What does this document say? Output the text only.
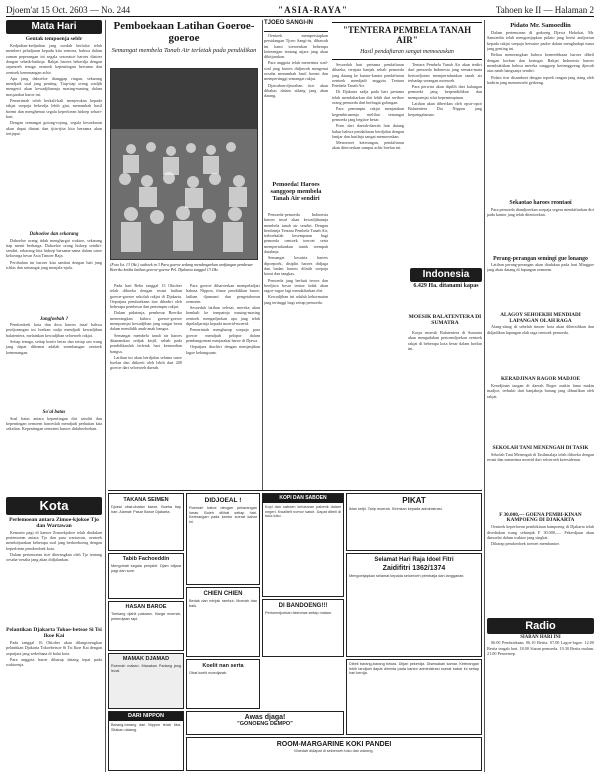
Djoem'at 15 Oct. 2603 — No. 244	"ASIA-RAYA"	Tahoen ke II — Halaman 2
Mata Hari
Gentak tempoenja seblr

Kedjadian-kedjadian jang soedah berlaloe telah memberi peladjaran kepada kita semoea, bahwa dalam zaman peperangan ini segala sesoeatoe haroes diatoer dengan sebaik-baiknja. Rakjat haroes bekerdja dengan sepenoeh tenaga oentoek kepentingan bersama dan oentoek kemenangan achir.

Apa jang dahoeloe dianggap ringan, sekarang mendjadi soal jang penting. Tiap-tiap orang wadjib mengerti akan kewadjibannja masing-masing dalam masjarakat baroe ini.

Pemerintah telah berkali-kali menjerukan kepada rakjat soepaja bekerdja lebih giat, menambah hasil boemi dan menghemat segala keperloean hidoep sehari-hari.

Dengan semangat gotong-rojong, segala kesoekaran akan dapat diatasi dan tjita-tjita kita bersama akan tertjapai.

Dahoeloe dan sekarang

Dahoeloe orang tidak menghargai waktoe, sekarang tiap menit berharga. Dahoeloe orang hidoep sendiri-sendiri, sekarang kita hidoep bersama-sama dalam satoe keloearga besar Asia Timoer Raja.

Perobahan ini haroes kita sambut dengan hati jang ichlas dan semangat jang menjala-njala.

Jangfoebah ?

Pendoedoek kota dan desa haroes insaf bahwa perdjoeangan ini boekan sadja mendjadi kewadjiban balatentera, melainkan kewadjiban seloeroeh rakjat.

Setiap tenaga, setiap boetir beras dan setiap sen wang jang dapat dihemat adalah soembangan oentoek kemenangan.

So'al batas

Soal batas antara kepentingan diri sendiri dan kepentingan oemoem haroeslah mendjadi perhatian kita sekalian. Kepentingan oemoem haroes didahoeloekan.

Kota
Perlemoean antara Zimoe-kjokoe Tjo dan Wartawan

Kemarin pagi di kantor Zimoekjokoe telah diadakan pertemoean antara Tjo dan para wartawan, oentoek membitjarakan beberapa soal jang berhoeboeng dengan keperloean pendoedoek kota.

Dalam pertemoean itoe diterangkan oleh Tjo tentang oesaha-oesaha jang akan didjalankan.

Pelantikan Djakarta Tokoe-betsoe Si Tsi Ikoe Kai

Pada tanggal 16 Oktober akan dilangsoengkan pelantikan Djakarta Tokoebetsoe Si Tsi Ikoe Kai dengan oepatjara jang sederhana di balai kota.

Para anggota baroe diharap datang tepat pada waktoenja.

Pemboekaan Latihan Goeroe-goeroe
Semangat membela Tanah Air terletak pada pendidikan
(Foto Ist. 13 Okt.) outhoek tn 3 Para goeroe sedang mendengarkan wedjangan pembesar Boeriko ketika latihan goeroe-goeroe Pel. Djakarta tanggal 13 Okt.

Pada hari Rebo tanggal 13 Oktober telah diboeka dengan resmi latihan goeroe-goeroe sekolah rakjat di Djakarta. Oepatjara pemboekaan itoe dihadiri oleh beberapa pembesar dan pemimpin rakjat.

Dalam pidatonja, pembesar Boeriko menerangkan bahwa goeroe-goeroe mempoenjai kewadjiban jang sangat berat dalam mendidik anak-anak bangsa.

Semangat membela tanah air haroes ditanamkan sedjak ketjil, sebab pada pendidikanlah terletak hari kemoedian bangsa.

Latihan ini akan berdjalan selama satoe boelan dan diikoeti oleh lebih dari 200 goeroe dari seloeroeh daerah.

Para goeroe diharoeskan mempeladjari bahasa Nippon, ilmoe pendidikan baroe, latihan djasmani dan pengetahoean oemoem.

Sesoedah latihan selesai, mereka akan kembali ke tempatnja masing-masing oentoek mengadjarkan apa jang telah dipeladjarinja kepada moerid-moerid.

Pemerintah mengharap soepaja para goeroe mendjadi pelopor dalam pembangoenan masjarakat baroe di Djawa.

Oepatjara diachiri dengan menjanjikan lagoe kebangsaan.

TJOEO SANGI-IN

Oentoek mempersiapkan persidangan Tjoeo Sangi-in, dibawah ini kami toeroenkan beberapa keterangan tentang atjara jang akan dibitjarakan.

Para anggota telah menerima soal-soal jang haroes didjawab mengenai oesaha menambah hasil boemi dan mempertinggi semangat rakjat.

Djawaban-djawaban itoe akan dibahas dalam sidang jang akan datang.

Pemoeda! Haroes sanggoep membela Tanah Air sendiri

Pemoeda-pemoeda Indonesia haroes insaf akan kewadjibannja membela tanah air sendiri. Dengan berdirinja Tentara Pembela Tanah Air, terboekalah kesempatan bagi pemoeda oentoek toeroet serta mempertahankan tanah toempah darahnja.

Semangat kesatria haroes dipoepoek, disiplin haroes didjaga dan badan haroes dilatih soepaja koeat dan tangkas.

Pemoeda jang berhati teroes dan berdjiwa besar tentoe tidak akan ragoe-ragoe lagi mendaftarkan diri.

Kewadjiban ini adalah kehormatan jang tertinggi bagi setiap pemoeda.

"TENTERA PEMBELA TANAH AIR"
Hasil pendaftaran sangat memoeaskan

Sesoedah hari pertama pendaftaran dibaeka, ternjata banjak sekali pemoeda jang datang ke kantor-kantor pendaftaran oentoek mendjadi anggota Tentara Pembela Tanah Air.

Di Djakarta sadja pada hari pertama telah mendaftarkan diri lebih dari seriboe orang pemoeda dari berbagai golongan.

Para pemimpin rakjat menjatakan kegembiraannja melihat semangat pemoeda jang begitoe besar.

Poen dari daerah-daerah lain datang kabar bahwa pendaftaran berdjalan dengan lantjar dan hasilnja sangat memoeaskan.

Menoeroet keterangan, pendaftaran akan diteroeskan sampai achir boelan ini.

Tentara Pembela Tanah Air akan terdiri dari pemoeda Indonesia jang semata-mata bertoedjoean mempertahankan tanah air terhadap serangan moesoeh.

Para perwira akan dipilih dari kalangan pemoeda jang berpendidikan dan mempoenjai sifat kepemimpinan.

Latihan akan diberikan oleh opsir-opsir Balatentera Dai Nippon jang berpengalaman.

MOESIK BALATENTERA DI SUMATRA

Korps moesik Balatentera di Sumatra akan mengadakan pertoendjoekan oentoek rakjat di beberapa kota besar dalam boelan ini.

Indonesia
6.429 Ha. ditanami kapas
Pidato Mr. Samoedlin

Dalam pertemoean di gedoeng Djawa Hokokai, Mr. Samoedin telah mengoetjapkan pidato jang berisi andjoeran kepada rakjat soepaja bersatoe padoe dalam menghadapi masa jang genting ini.

Beliau menerangkan bahwa kemerdekaan haroes dibeli dengan korban dan keringat. Rakjat Indonesia haroes membuktikan bahwa mereka sanggoep bertanggoeng djawab atas nasib bangsanja sendiri.

Pidato itoe disamboet dengan tepoek tangan jang riang oleh hadirin jang memenoehi gedoeng.

Sekaotao haroes reontaoi

Para pemoeda diandjoerkan soepaja segera mendaftarkan diri pada kantor jang telah ditentoekan.

Perang-perangan semingi gue lonango

Latihan perang-perangan akan diadakan pada hari Minggoe jang akan datang di lapangan oemoem.

ALAGOY SEHOEKIH MENDIADI LAPANGAN OLAH RAGA

Alang-alang di sebelah timoer kota akan dibersihkan dan didjadikan lapangan olah raga oentoek pemoeda.

KERADJINAN RAGOR MADJOE

Keradjinan tangan di daerah Bogor makin lama makin madjoe, terbukti dari banjaknja barang jang dihasilkan oleh rakjat.

SEKOLAH TANI MENENGAH DI TASIK

Sekolah Tani Menengah di Tasikmalaja telah diboeka dengan resmi dan menerima moerid dari seloeroeh keresidenan.

F 30.000,— GOENA PEMBI-KINAN KAMPOENG DI DJAKARTA

Oentoek keperloean pembikinan kampoeng di Djakarta telah disediakan wang sebanjak F 30.000,—. Pekerdjaan akan dimoelai dalam waktoe jang singkat.

Diharap pendoedoek toeroet membantoe.

Radio
SIARAN HARI INI

06.00 Pemboekaan. 06.10 Berita. 07.00 Lagoe-lagoe. 12.00 Berita tengah hari. 18.00 Siaran pemoeda. 19.30 Berita malam. 21.00 Penoetoep.

TAKANA SEIMEN
Djoeal obat-obatan baroe. Boeka tiap hari. Alamat: Pasar Baroe Djakarta.
Tabib Fachoeddin
Mengobati segala penjakit. Djam bitjara pagi dan sore.
HASAN BAROE
Toekang djahit pakaian. Harga moerah, pekerdjaan rapi.
MAMAK DJAMAD
Roemah makan. Masakan Padang jang lezat.
DARI NIPPON
Barang-barang dari Nippon telah tiba. Silakan datang.
DIDJOEAL !
Roemah batoe dengan pekarangan loeas. Boleh dilihat setiap hari. Keterangan pada kantor soerat kabar ini.
CHIEN CHIEN
Bedak dan minjak rambut. Moerah dan baik.
Koelit nan serta
Obat koelit moedjarab.
KOPI DAN SABOEN
Kopi dan saboen keloearan paberik dalam negeri. Kwaliteit nomor satoe. Dapat dibeli di toko-toko.
DI BANDOENG!!!
Pertoendjoekan istimewa setiap malam.
PIKAT
Iklan ketjil. Tarip moerah. Kirimkan kepada administrasi.
Selamat Hari Raja Idoel Fitri
Zaidifitri 1362/1374
Mengoetjapkan selamat kepada seloeroeh pembatja dan langganan.
Awas djaga!
"GONOENG DEMPO"
ROOM-MARGARINE KOKI PANDEI
Moedah didapat di seloeroeh toko dan warong.
Dibeli barang-barang bekas. Ditjari pekerdja. Disewakan kamar. Keterangan lebih landjoet dapat diminta pada kantor administrasi soerat kabar ini setiap hari kerdja.
